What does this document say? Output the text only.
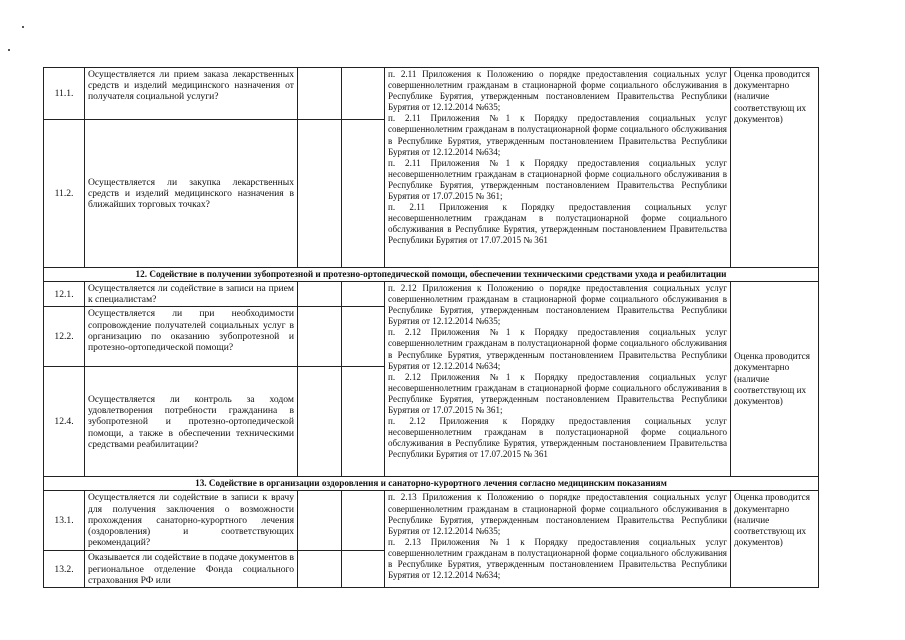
11.1.	Осуществляется ли прием заказа лекарственных средств и изделий медицинского назначения от получателя социальной услуги?			п. 2.11 Приложения к Положению о порядке предоставления социальных услуг совершеннолетним гражданам в стационарной форме социального обслуживания в Республике Бурятия, утвержденным постановлением Правительства Республики Бурятия от 12.12.2014 №635;
п. 2.11 Приложения №1 к Порядку предоставления социальных услуг совершеннолетним гражданам в полустационарной форме социального обслуживания в Республике Бурятия, утвержденным постановлением Правительства Республики Бурятия от 12.12.2014 №634;
п. 2.11 Приложения №1 к Порядку предоставления социальных услуг несовершеннолетним гражданам в стационарной форме социального обслуживания в Республике Бурятия, утвержденным постановлением Правительства Республики Бурятия от 17.07.2015 № 361;
п. 2.11 Приложения к Порядку предоставления социальных услуг несовершеннолетним гражданам в полустационарной форме социального обслуживания в Республике Бурятия, утвержденным постановлением Правительства Республики Бурятия от 17.07.2015 № 361	Оценка проводится документарно (наличие соответствующ их документов)
11.2.	Осуществляется ли закупка лекарственных средств и изделий медицинского назначения в ближайших торговых точках?				
12. Содействие в получении зубопротезной и протезно-ортопедической помощи, обеспечении техническими средствами ухода и реабилитации					
12.1.	Осуществляется ли содействие в записи на прием к специалистам?			п. 2.12 Приложения к Положению о порядке предоставления социальных услуг совершеннолетним гражданам в стационарной форме социального обслуживания в Республике Бурятия, утвержденным постановлением Правительства Республики Бурятия от 12.12.2014 №635;
п. 2.12 Приложения №1 к Порядку предоставления социальных услуг совершеннолетним гражданам в полустационарной форме социального обслуживания в Республике Бурятия, утвержденным постановлением Правительства Республики Бурятия от 12.12.2014 №634;
п. 2.12 Приложения №1 к Порядку предоставления социальных услуг несовершеннолетним гражданам в стационарной форме социального обслуживания в Республике Бурятия, утвержденным постановлением Правительства Республики Бурятия от 17.07.2015 № 361;
п. 2.12 Приложения к Порядку предоставления социальных услуг несовершеннолетним гражданам в полустационарной форме социального обслуживания в Республике Бурятия, утвержденным постановлением Правительства Республики Бурятия от 17.07.2015 № 361	Оценка проводится документарно (наличие соответствующ их документов)
12.2.	Осуществляется ли при необходимости сопровождение получателей социальных услуг в организацию по оказанию зубопротезной и протезно-ортопедической помощи?				
12.4.	Осуществляется ли контроль за ходом удовлетворения потребности гражданина в зубопротезной и протезно-ортопедической помощи, а также в обеспечении техническими средствами реабилитации?				
13. Содействие в организации оздоровления и санаторно-курортного лечения согласно медицинским показаниям					
13.1.	Осуществляется ли содействие в записи к врачу для получения заключения о возможности прохождения санаторно-курортного лечения (оздоровления) и соответствующих рекомендаций?			п. 2.13 Приложения к Положению о порядке предоставления социальных услуг совершеннолетним гражданам в стационарной форме социального обслуживания в Республике Бурятия, утвержденным постановлением Правительства Республики Бурятия от 12.12.2014 №635;
п. 2.13 Приложения №1 к Порядку предоставления социальных услуг совершеннолетним гражданам в полустационарной форме социального обслуживания в Республике Бурятия, утвержденным постановлением Правительства Республики Бурятия от 12.12.2014 №634;	Оценка проводится документарно (наличие соответствующ их документов)
13.2.	Оказывается ли содействие в подаче документов в региональное отделение Фонда социального страхования РФ или				
